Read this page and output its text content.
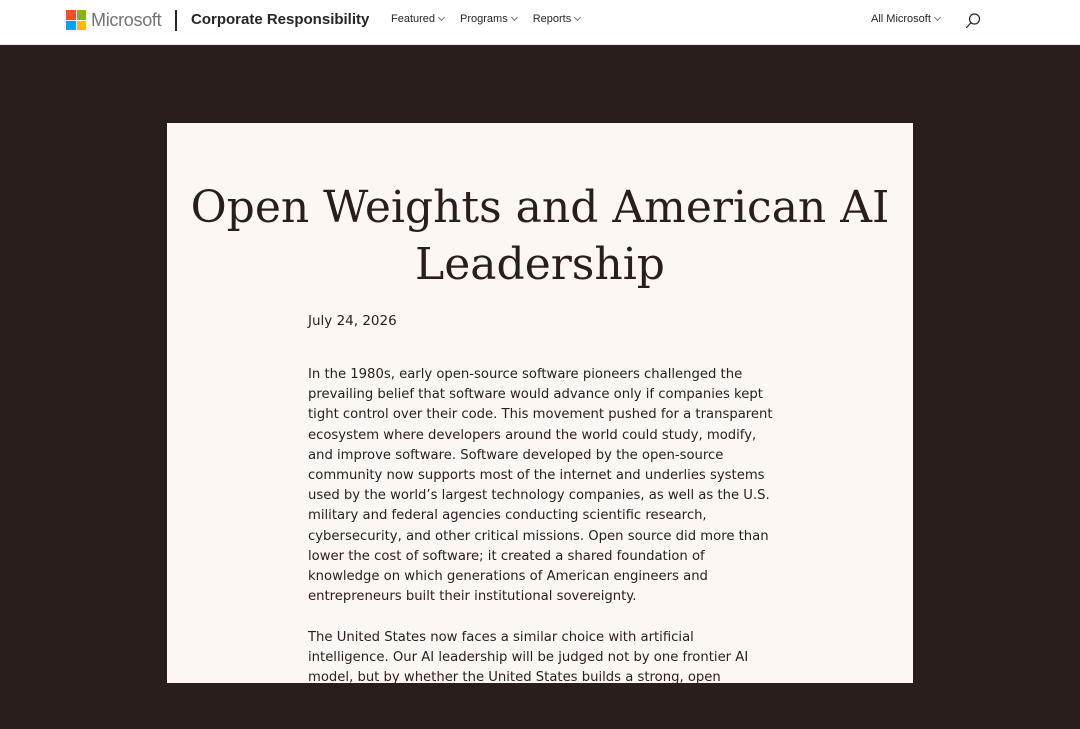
Microsoft Corporate Responsibility Featured Programs Reports	All Microsoft
Open Weights and American AI Leadership
July 24, 2026

In the 1980s, early open-source software pioneers challenged the prevailing belief that software would advance only if companies kept tight control over their code. This movement pushed for a transparent ecosystem where developers around the world could study, modify, and improve software. Software developed by the open-source community now supports most of the internet and underlies systems used by the world’s largest technology companies, as well as the U.S. military and federal agencies conducting scientific research, cybersecurity, and other critical missions. Open source did more than lower the cost of software; it created a shared foundation of knowledge on which generations of American engineers and entrepreneurs built their institutional sovereignty.

The United States now faces a similar choice with artificial intelligence. Our AI leadership will be judged not by one frontier AI model, but by whether the United States builds a strong, open ecosystem that diffuses into every sector.
